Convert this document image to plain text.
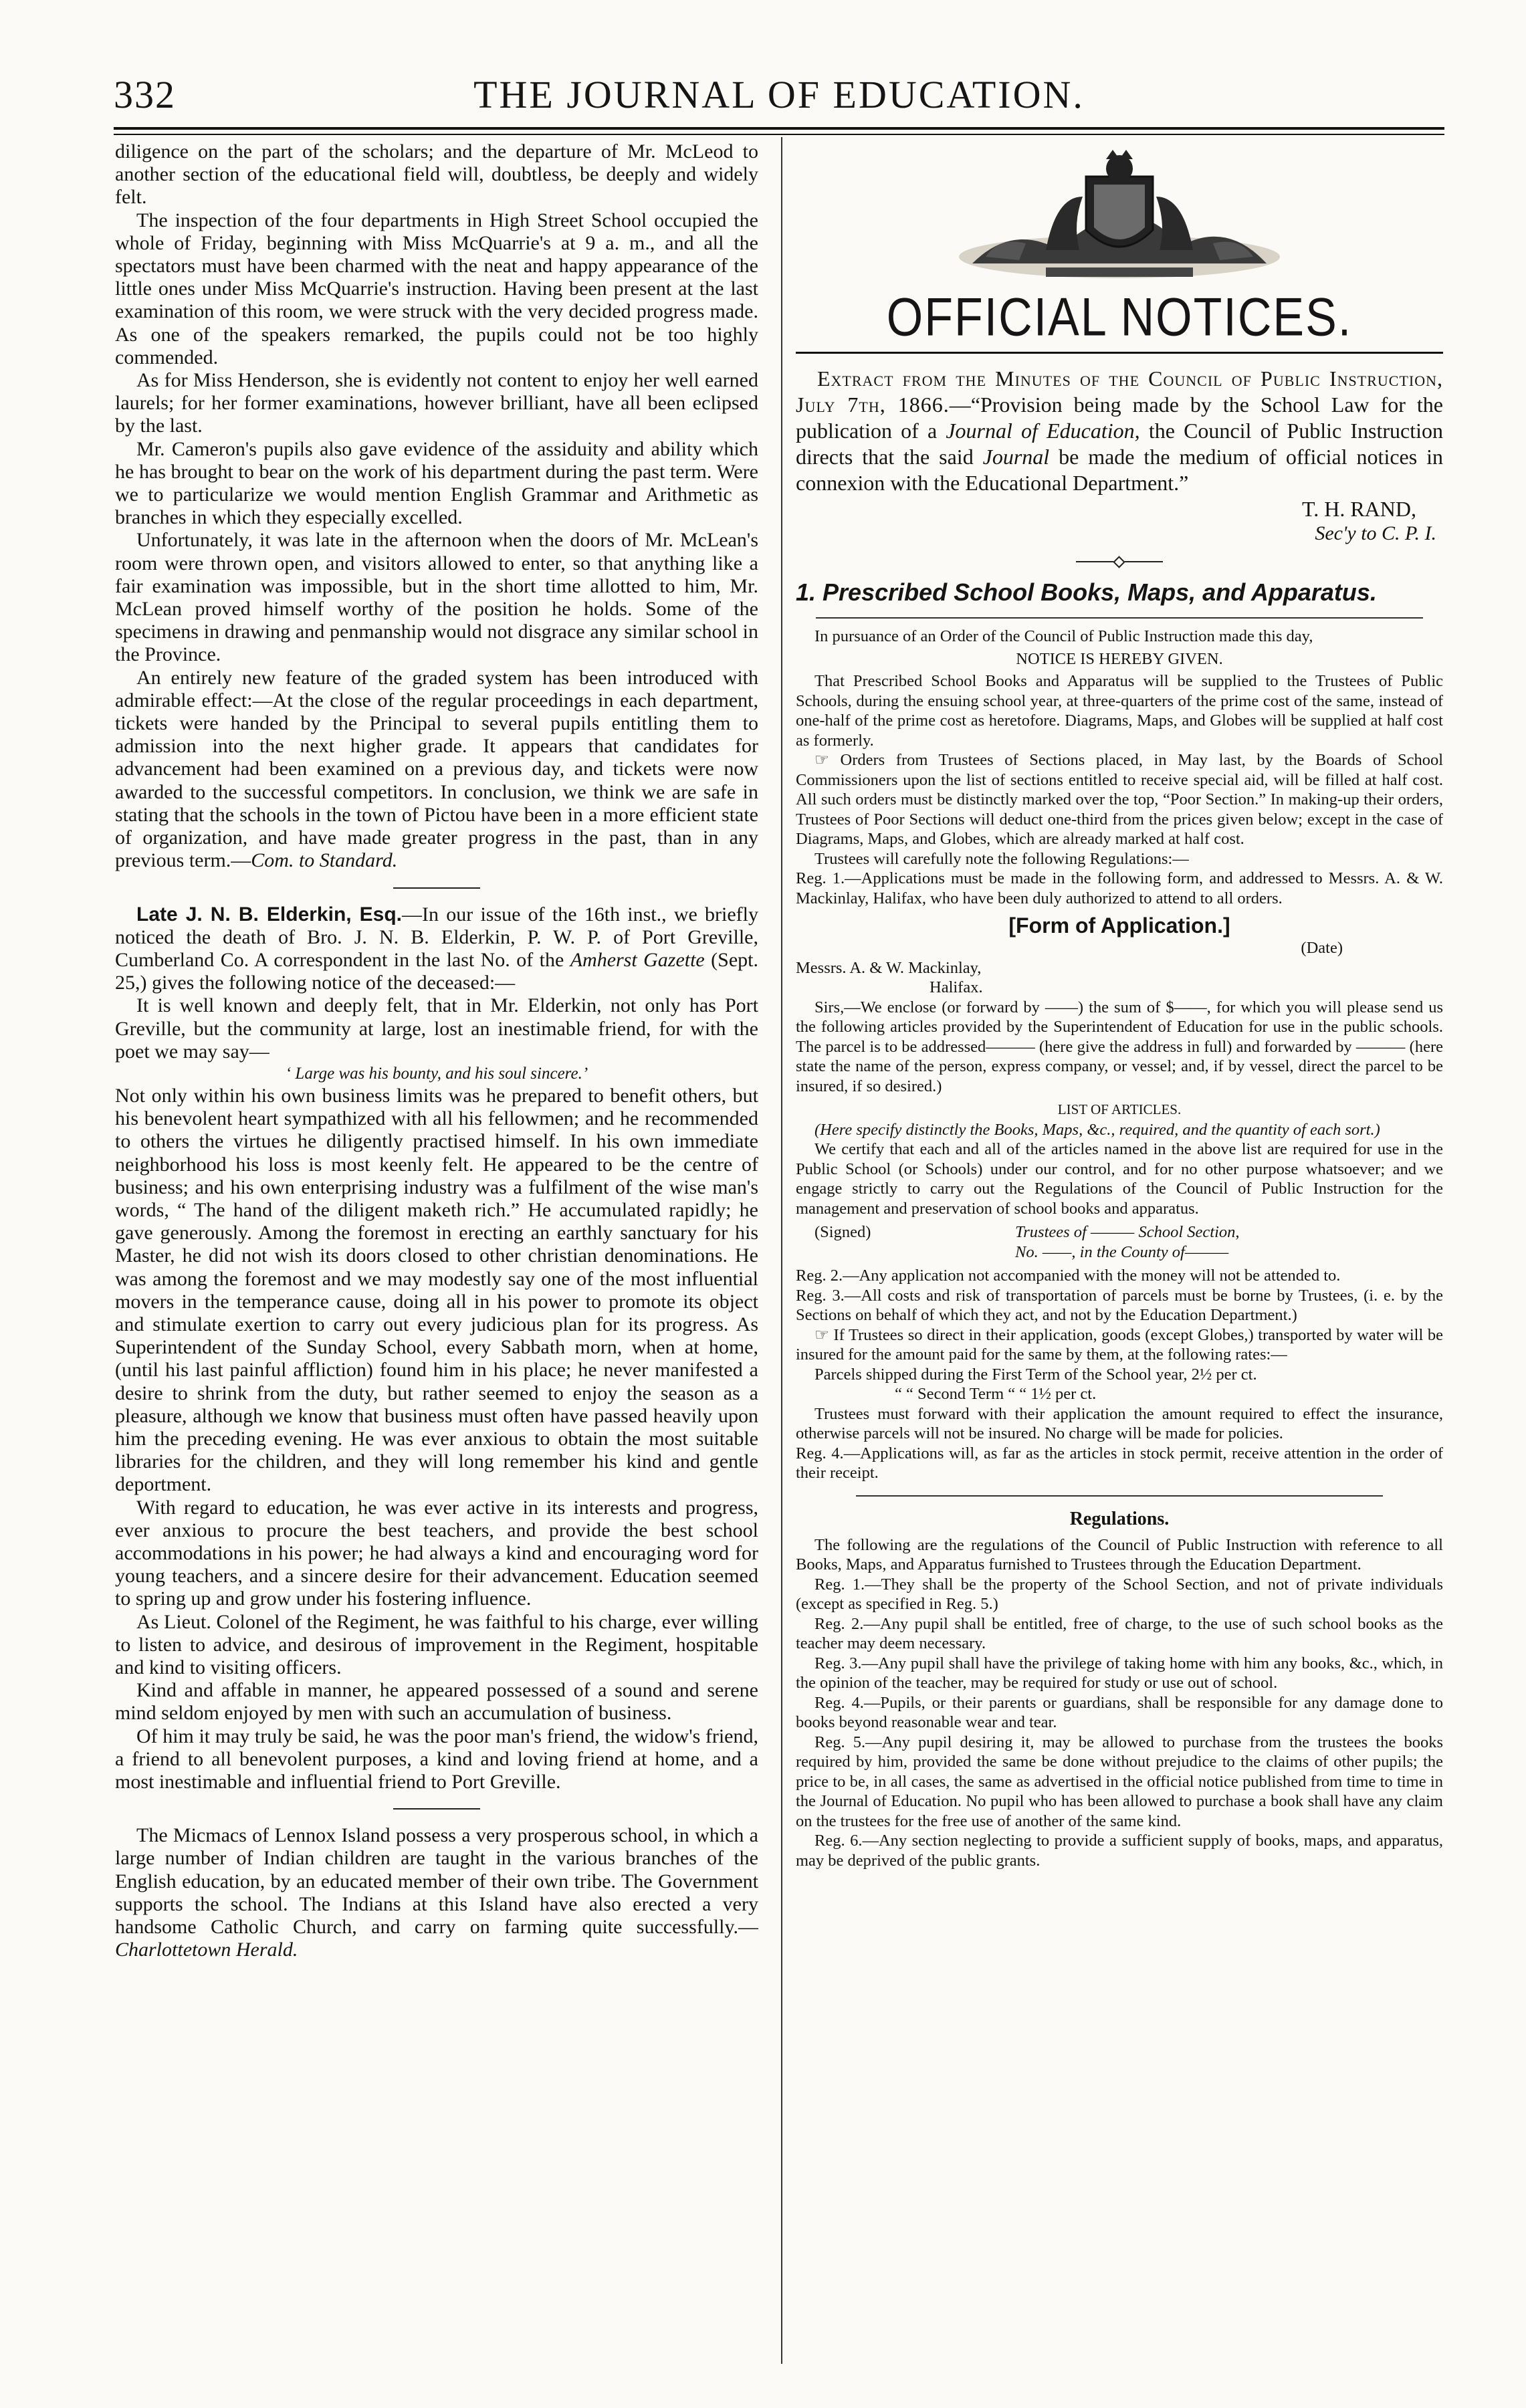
332	THE JOURNAL OF EDUCATION.

diligence on the part of the scholars; and the departure of Mr. McLeod to another section of the educational field will, doubtless, be deeply and widely felt.

The inspection of the four departments in High Street School occupied the whole of Friday, beginning with Miss McQuarrie's at 9 a. m., and all the spectators must have been charmed with the neat and happy appearance of the little ones under Miss McQuarrie's instruction. Having been present at the last examination of this room, we were struck with the very decided progress made. As one of the speakers remarked, the pupils could not be too highly commended.

As for Miss Henderson, she is evidently not content to enjoy her well earned laurels; for her former examinations, however brilliant, have all been eclipsed by the last.

Mr. Cameron's pupils also gave evidence of the assiduity and ability which he has brought to bear on the work of his department during the past term. Were we to particularize we would mention English Grammar and Arithmetic as branches in which they especially excelled.

Unfortunately, it was late in the afternoon when the doors of Mr. McLean's room were thrown open, and visitors allowed to enter, so that anything like a fair examination was impossible, but in the short time allotted to him, Mr. McLean proved himself worthy of the position he holds. Some of the specimens in drawing and penmanship would not disgrace any similar school in the Province.

An entirely new feature of the graded system has been introduced with admirable effect:—At the close of the regular proceedings in each department, tickets were handed by the Principal to several pupils entitling them to admission into the next higher grade. It appears that candidates for advancement had been examined on a previous day, and tickets were now awarded to the successful competitors. In conclusion, we think we are safe in stating that the schools in the town of Pictou have been in a more efficient state of organization, and have made greater progress in the past, than in any previous term.—Com. to Standard.

Late J. N. B. Elderkin, Esq.—In our issue of the 16th inst., we briefly noticed the death of Bro. J. N. B. Elderkin, P. W. P. of Port Greville, Cumberland Co. A correspondent in the last No. of the Amherst Gazette (Sept. 25,) gives the following notice of the deceased:—

It is well known and deeply felt, that in Mr. Elderkin, not only has Port Greville, but the community at large, lost an inestimable friend, for with the poet we may say—

‘ Large was his bounty, and his soul sincere.’

Not only within his own business limits was he prepared to benefit others, but his benevolent heart sympathized with all his fellowmen; and he recommended to others the virtues he diligently practised himself. In his own immediate neighborhood his loss is most keenly felt. He appeared to be the centre of business; and his own enterprising industry was a fulfilment of the wise man's words, “ The hand of the diligent maketh rich.” He accumulated rapidly; he gave generously. Among the foremost in erecting an earthly sanctuary for his Master, he did not wish its doors closed to other christian denominations. He was among the foremost and we may modestly say one of the most influential movers in the temperance cause, doing all in his power to promote its object and stimulate exertion to carry out every judicious plan for its progress. As Superintendent of the Sunday School, every Sabbath morn, when at home, (until his last painful affliction) found him in his place; he never manifested a desire to shrink from the duty, but rather seemed to enjoy the season as a pleasure, although we know that business must often have passed heavily upon him the preceding evening. He was ever anxious to obtain the most suitable libraries for the children, and they will long remember his kind and gentle deportment.

With regard to education, he was ever active in its interests and progress, ever anxious to procure the best teachers, and provide the best school accommodations in his power; he had always a kind and encouraging word for young teachers, and a sincere desire for their advancement. Education seemed to spring up and grow under his fostering influence.

As Lieut. Colonel of the Regiment, he was faithful to his charge, ever willing to listen to advice, and desirous of improvement in the Regiment, hospitable and kind to visiting officers.

Kind and affable in manner, he appeared possessed of a sound and serene mind seldom enjoyed by men with such an accumulation of business.

Of him it may truly be said, he was the poor man's friend, the widow's friend, a friend to all benevolent purposes, a kind and loving friend at home, and a most inestimable and influential friend to Port Greville.

The Micmacs of Lennox Island possess a very prosperous school, in which a large number of Indian children are taught in the various branches of the English education, by an educated member of their own tribe. The Government supports the school. The Indians at this Island have also erected a very handsome Catholic Church, and carry on farming quite successfully.—Charlottetown Herald.

OFFICIAL NOTICES.

Extract from the Minutes of the Council of Public Instruction, July 7th, 1866.—“Provision being made by the School Law for the publication of a Journal of Education, the Council of Public Instruction directs that the said Journal be made the medium of official notices in connexion with the Educational Department.”

T. H. RAND,

Sec'y to C. P. I.

1. Prescribed School Books, Maps, and Apparatus.

In pursuance of an Order of the Council of Public Instruction made this day,

NOTICE IS HEREBY GIVEN.

That Prescribed School Books and Apparatus will be supplied to the Trustees of Public Schools, during the ensuing school year, at three-quarters of the prime cost of the same, instead of one-half of the prime cost as heretofore. Diagrams, Maps, and Globes will be supplied at half cost as formerly.

☞ Orders from Trustees of Sections placed, in May last, by the Boards of School Commissioners upon the list of sections entitled to receive special aid, will be filled at half cost. All such orders must be distinctly marked over the top, “Poor Section.” In making-up their orders, Trustees of Poor Sections will deduct one-third from the prices given below; except in the case of Diagrams, Maps, and Globes, which are already marked at half cost.

Trustees will carefully note the following Regulations:—

Reg. 1.—Applications must be made in the following form, and addressed to Messrs. A. & W. Mackinlay, Halifax, who have been duly authorized to attend to all orders.

[Form of Application.]

(Date)

Messrs. A. & W. Mackinlay,

Halifax.

Sirs,—We enclose (or forward by ——) the sum of $——, for which you will please send us the following articles provided by the Superintendent of Education for use in the public schools. The parcel is to be addressed——— (here give the address in full) and forwarded by ——— (here state the name of the person, express company, or vessel; and, if by vessel, direct the parcel to be insured, if so desired.)

LIST OF ARTICLES.

(Here specify distinctly the Books, Maps, &c., required, and the quantity of each sort.)

We certify that each and all of the articles named in the above list are required for use in the Public School (or Schools) under our control, and for no other purpose whatsoever; and we engage strictly to carry out the Regulations of the Council of Public Instruction for the management and preservation of school books and apparatus.

(Signed)	Trustees of ——— School Section,

No. ——, in the County of———

Reg. 2.—Any application not accompanied with the money will not be attended to.

Reg. 3.—All costs and risk of transportation of parcels must be borne by Trustees, (i. e. by the Sections on behalf of which they act, and not by the Education Department.)

☞ If Trustees so direct in their application, goods (except Globes,) transported by water will be insured for the amount paid for the same by them, at the following rates:—

Parcels shipped during the First Term of the School year, 2½ per ct.

“ “ Second Term “ “ 1½ per ct.

Trustees must forward with their application the amount required to effect the insurance, otherwise parcels will not be insured. No charge will be made for policies.

Reg. 4.—Applications will, as far as the articles in stock permit, receive attention in the order of their receipt.

Regulations.

The following are the regulations of the Council of Public Instruction with reference to all Books, Maps, and Apparatus furnished to Trustees through the Education Department.

Reg. 1.—They shall be the property of the School Section, and not of private individuals (except as specified in Reg. 5.)

Reg. 2.—Any pupil shall be entitled, free of charge, to the use of such school books as the teacher may deem necessary.

Reg. 3.—Any pupil shall have the privilege of taking home with him any books, &c., which, in the opinion of the teacher, may be required for study or use out of school.

Reg. 4.—Pupils, or their parents or guardians, shall be responsible for any damage done to books beyond reasonable wear and tear.

Reg. 5.—Any pupil desiring it, may be allowed to purchase from the trustees the books required by him, provided the same be done without prejudice to the claims of other pupils; the price to be, in all cases, the same as advertised in the official notice published from time to time in the Journal of Education. No pupil who has been allowed to purchase a book shall have any claim on the trustees for the free use of another of the same kind.

Reg. 6.—Any section neglecting to provide a sufficient supply of books, maps, and apparatus, may be deprived of the public grants.
